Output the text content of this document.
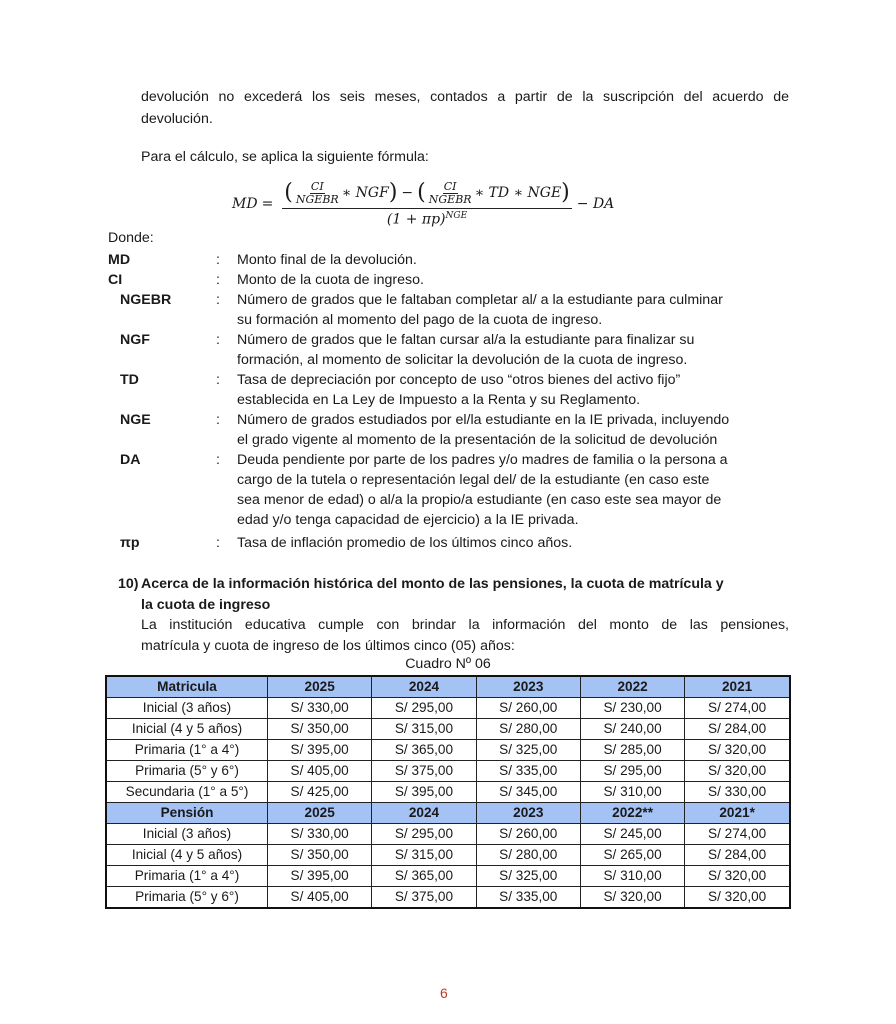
devolución no excederá los seis meses, contados a partir de la suscripción del acuerdo de
devolución.
Para el cálculo, se aplica la siguiente fórmula:
MD = ( $\frac{CI}{\text{NGEBR}}$ ∗ NGF ) − ( $\frac{CI}{\text{NGEBR}}$ ∗ TD ∗ NGE )
$(1 + \pi p)^{NGE}$
− DA
Donde:
MD	: Monto final de la devolución.
CI	: Monto de la cuota de ingreso.
NGEBR	: Número de grados que le faltaban completar al/ a la estudiante para culminar
su formación al momento del pago de la cuota de ingreso.
NGF	: Número de grados que le faltan cursar al/a la estudiante para finalizar su
formación, al momento de solicitar la devolución de la cuota de ingreso.
TD	: Tasa de depreciación por concepto de uso “otros bienes del activo fijo”
establecida en La Ley de Impuesto a la Renta y su Reglamento.
NGE	: Número de grados estudiados por el/la estudiante en la IE privada, incluyendo
el grado vigente al momento de la presentación de la solicitud de devolución
DA	: Deuda pendiente por parte de los padres y/o madres de familia o la persona a
cargo de la tutela o representación legal del/ de la estudiante (en caso este
sea menor de edad) o al/a la propio/a estudiante (en caso este sea mayor de
edad y/o tenga capacidad de ejercicio) a la IE privada.
πp	: Tasa de inflación promedio de los últimos cinco años.
10) Acerca de la información histórica del monto de las pensiones, la cuota de matrícula y
la cuota de ingreso
La institución educativa cumple con brindar la información del monto de las pensiones,
matrícula y cuota de ingreso de los últimos cinco (05) años:
Cuadro Nº 06
Matricula	2025	2024	2023	2022	2021
Inicial (3 años)	S/ 330,00	S/ 295,00	S/ 260,00	S/ 230,00	S/ 274,00
Inicial (4 y 5 años)	S/ 350,00	S/ 315,00	S/ 280,00	S/ 240,00	S/ 284,00
Primaria (1° a 4°)	S/ 395,00	S/ 365,00	S/ 325,00	S/ 285,00	S/ 320,00
Primaria (5° y 6°)	S/ 405,00	S/ 375,00	S/ 335,00	S/ 295,00	S/ 320,00
Secundaria (1° a 5°)	S/ 425,00	S/ 395,00	S/ 345,00	S/ 310,00	S/ 330,00
Pensión	2025	2024	2023	2022**	2021*
Inicial (3 años)	S/ 330,00	S/ 295,00	S/ 260,00	S/ 245,00	S/ 274,00
Inicial (4 y 5 años)	S/ 350,00	S/ 315,00	S/ 280,00	S/ 265,00	S/ 284,00
Primaria (1° a 4°)	S/ 395,00	S/ 365,00	S/ 325,00	S/ 310,00	S/ 320,00
Primaria (5° y 6°)	S/ 405,00	S/ 375,00	S/ 335,00	S/ 320,00	S/ 320,00
6
